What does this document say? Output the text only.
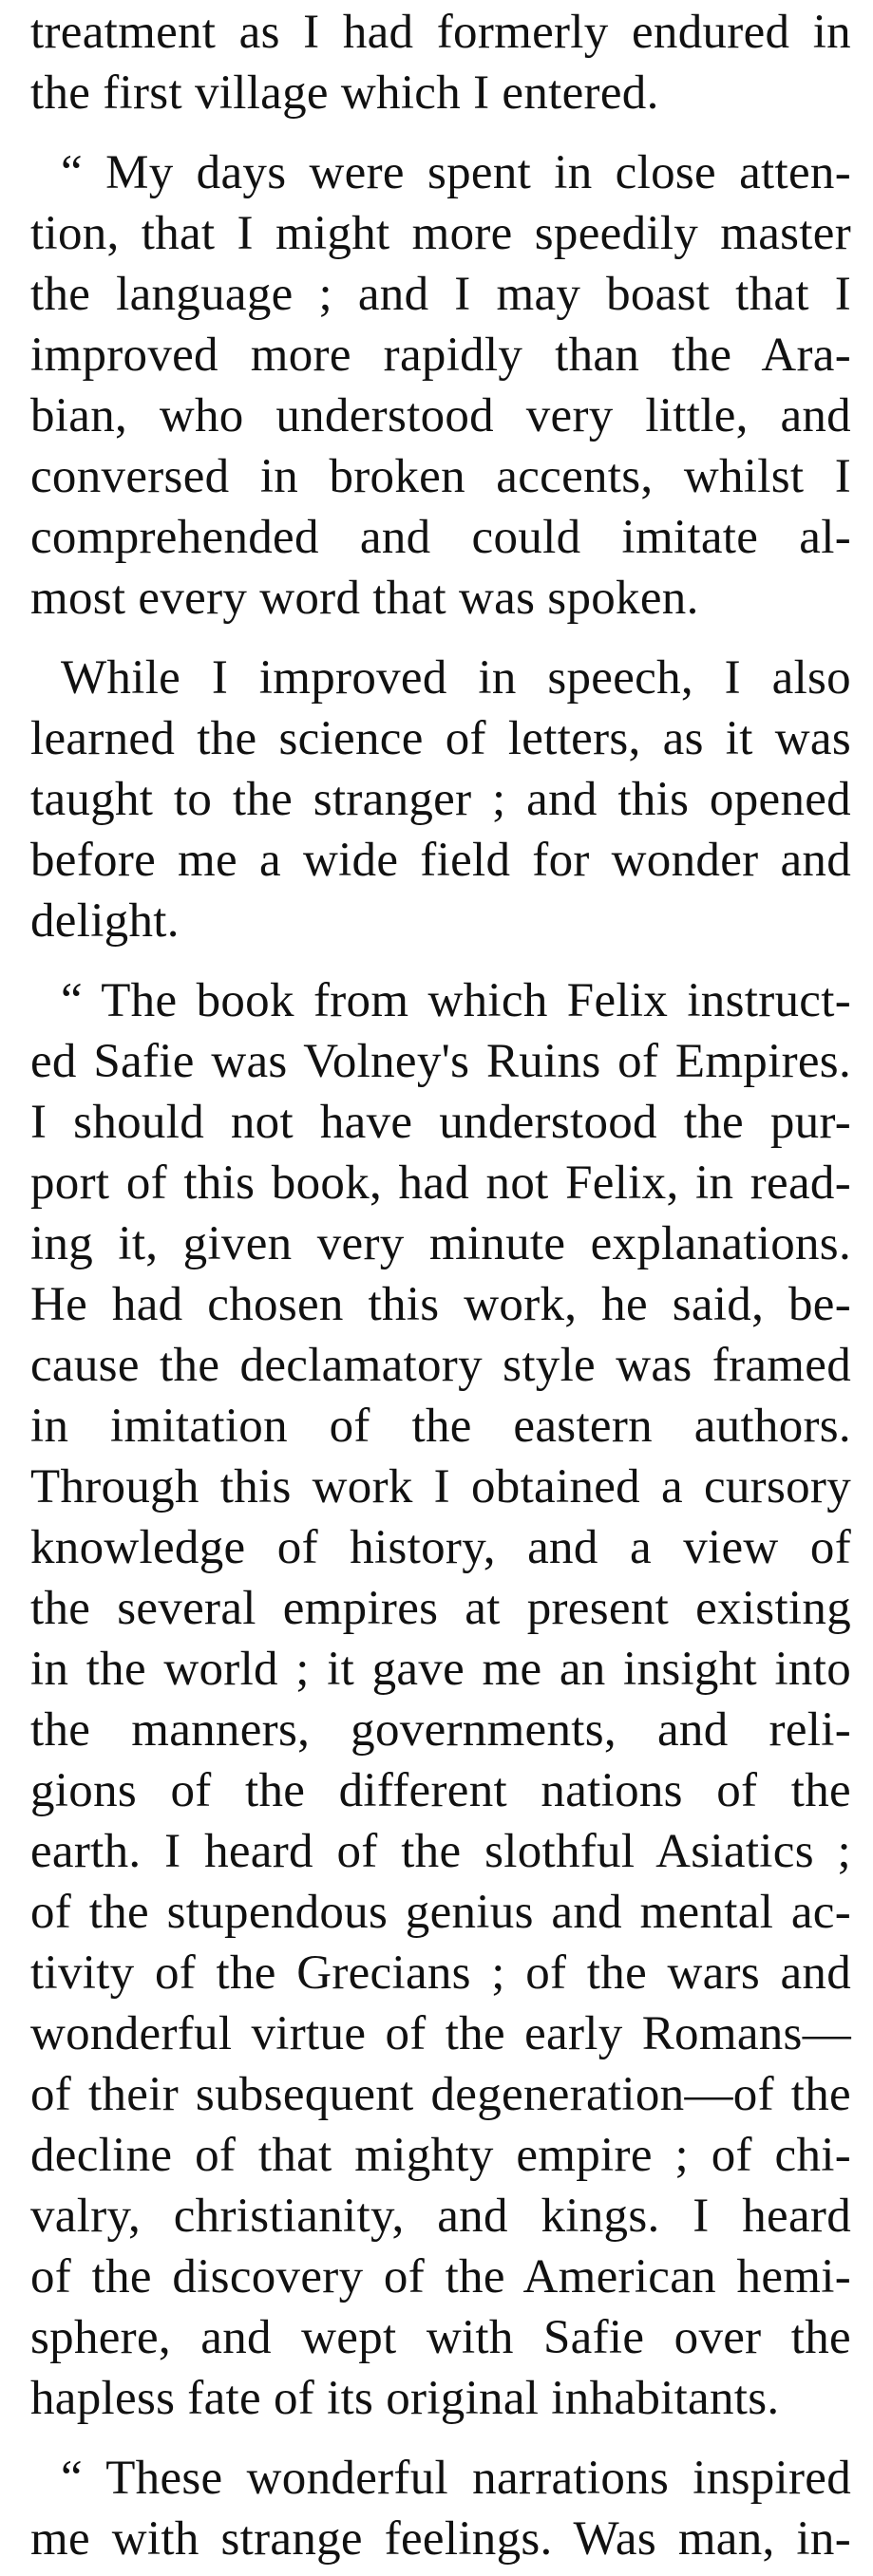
treatment as I had formerly endured in
the first village which I entered.
“ My days were spent in close atten-
tion, that I might more speedily master
the language ; and I may boast that I
improved more rapidly than the Ara-
bian, who understood very little, and
conversed in broken accents, whilst I
comprehended and could imitate al-
most every word that was spoken.
While I improved in speech, I also
learned the science of letters, as it was
taught to the stranger ; and this opened
before me a wide field for wonder and
delight.
“ The book from which Felix instruct-
ed Safie was Volney's Ruins of Empires.
I should not have understood the pur-
port of this book, had not Felix, in read-
ing it, given very minute explanations.
He had chosen this work, he said, be-
cause the declamatory style was framed
in imitation of the eastern authors.
Through this work I obtained a cursory
knowledge of history, and a view of
the several empires at present existing
in the world ; it gave me an insight into
the manners, governments, and reli-
gions of the different nations of the
earth. I heard of the slothful Asiatics ;
of the stupendous genius and mental ac-
tivity of the Grecians ; of the wars and
wonderful virtue of the early Romans—
of their subsequent degeneration—of the
decline of that mighty empire ; of chi-
valry, christianity, and kings. I heard
of the discovery of the American hemi-
sphere, and wept with Safie over the
hapless fate of its original inhabitants.
“ These wonderful narrations inspired
me with strange feelings. Was man, in-
